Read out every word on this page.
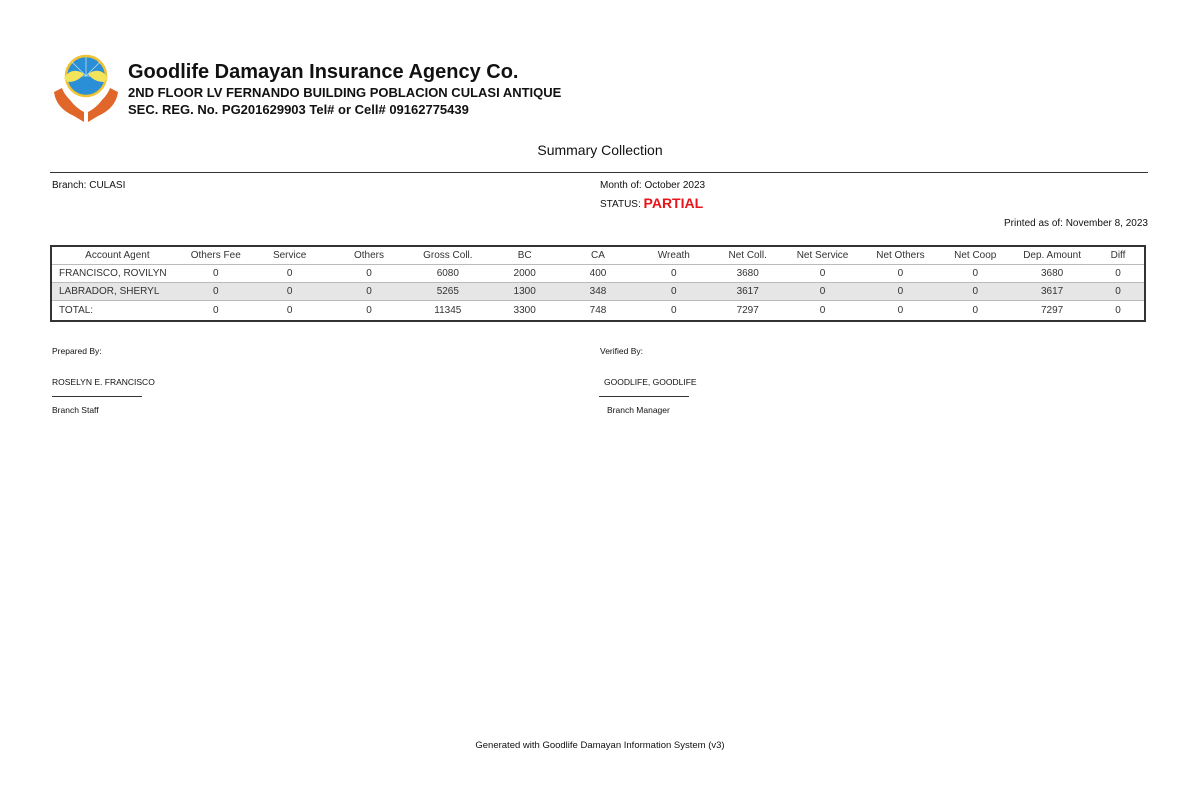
Goodlife Damayan Insurance Agency Co.
2ND FLOOR LV FERNANDO BUILDING POBLACION CULASI ANTIQUE
SEC. REG. No. PG201629903 Tel# or Cell# 09162775439
Summary Collection
Branch: CULASI	Month of: October 2023
STATUS: PARTIAL
Printed as of: November 8, 2023
Account Agent	Others Fee	Service	Others	Gross Coll.	BC	CA	Wreath	Net Coll.	Net Service	Net Others	Net Coop	Dep. Amount	Diff
FRANCISCO, ROVILYN	0	0	0	6080	2000	400	0	3680	0	0	0	3680	0
LABRADOR, SHERYL	0	0	0	5265	1300	348	0	3617	0	0	0	3617	0
TOTAL:	0	0	0	11345	3300	748	0	7297	0	0	0	7297	0
Prepared By:
ROSELYN E. FRANCISCO
Branch Staff
Verified By:
GOODLIFE, GOODLIFE
Branch Manager
Generated with Goodlife Damayan Information System (v3)
